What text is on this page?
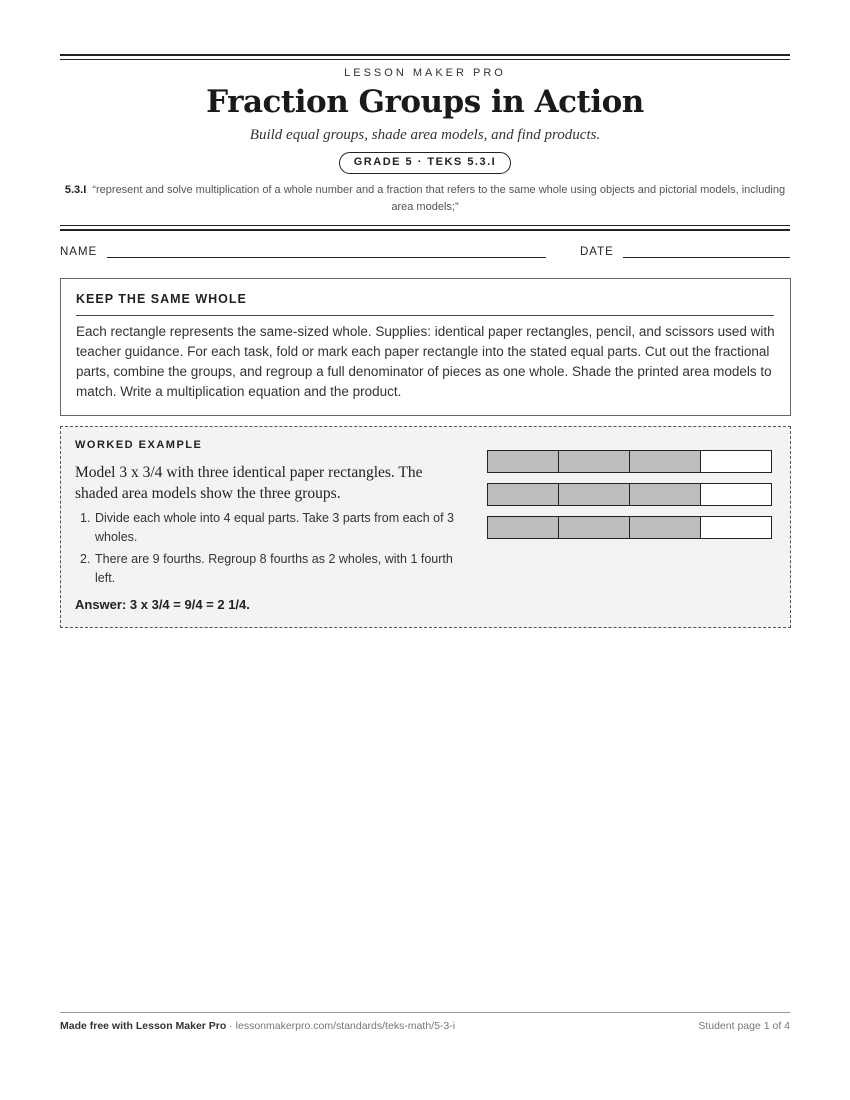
LESSON MAKER PRO
Fraction Groups in Action
Build equal groups, shade area models, and find products.
GRADE 5 · TEKS 5.3.I
5.3.I “represent and solve multiplication of a whole number and a fraction that refers to the same whole using objects and pictorial models, including area models;”
NAME	DATE
KEEP THE SAME WHOLE
Each rectangle represents the same-sized whole. Supplies: identical paper rectangles, pencil, and scissors used with teacher guidance. For each task, fold or mark each paper rectangle into the stated equal parts. Cut out the fractional parts, combine the groups, and regroup a full denominator of pieces as one whole. Shade the printed area models to match. Write a multiplication equation and the product.
WORKED EXAMPLE
Model 3 x 3/4 with three identical paper rectangles. The shaded area models show the three groups.
1. Divide each whole into 4 equal parts. Take 3 parts from each of 3 wholes.
2. There are 9 fourths. Regroup 8 fourths as 2 wholes, with 1 fourth left.
Answer: 3 x 3/4 = 9/4 = 2 1/4.
Made free with Lesson Maker Pro · lessonmakerpro.com/standards/teks-math/5-3-i	Student page 1 of 4
